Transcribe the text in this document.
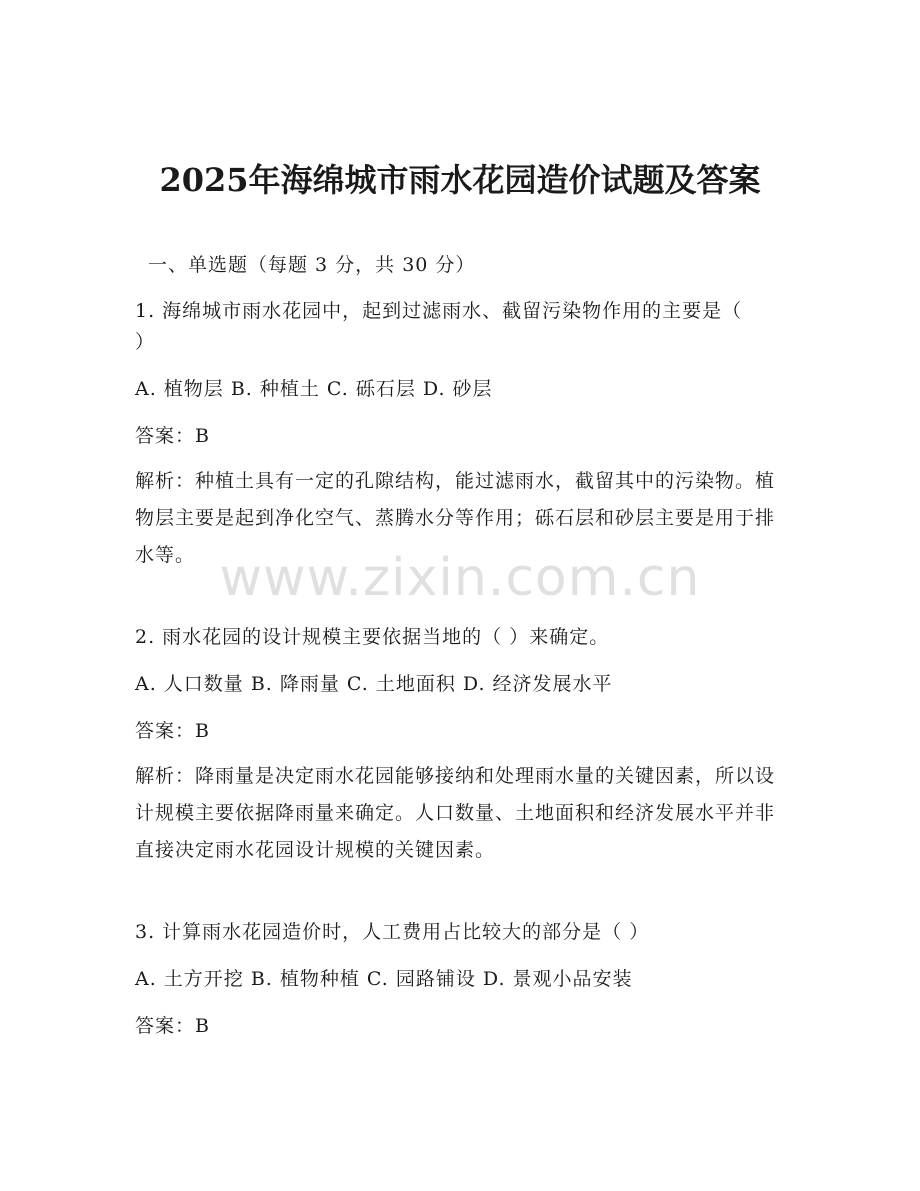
2025年海绵城市雨水花园造价试题及答案
一、单选题（每题 3 分，共 30 分）
1. 海绵城市雨水花园中，起到过滤雨水、截留污染物作用的主要是（
）
A. 植物层 B. 种植土 C. 砾石层 D. 砂层
答案：B
解析：种植土具有一定的孔隙结构，能过滤雨水，截留其中的污染物。植物层主要是起到净化空气、蒸腾水分等作用；砾石层和砂层主要是用于排水等。 www.zixin.com.cn
2. 雨水花园的设计规模主要依据当地的（ ）来确定。
A. 人口数量 B. 降雨量 C. 土地面积 D. 经济发展水平
答案：B
解析：降雨量是决定雨水花园能够接纳和处理雨水量的关键因素，所以设计规模主要依据降雨量来确定。人口数量、土地面积和经济发展水平并非直接决定雨水花园设计规模的关键因素。
3. 计算雨水花园造价时，人工费用占比较大的部分是（ ）
A. 土方开挖 B. 植物种植 C. 园路铺设 D. 景观小品安装
答案：B
